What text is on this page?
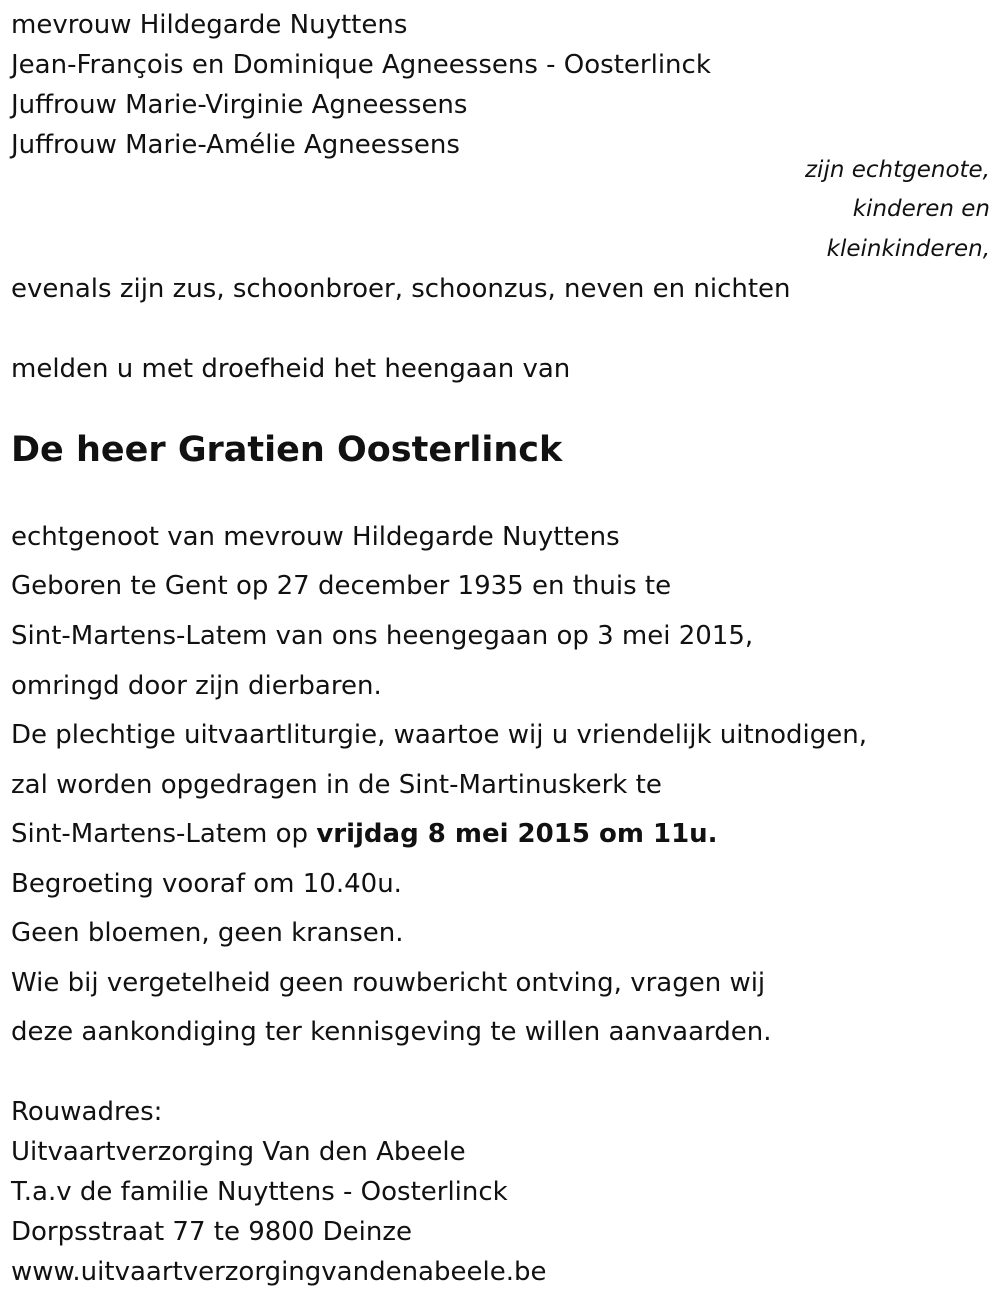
mevrouw Hildegarde Nuyttens
Jean-François en Dominique Agneessens - Oosterlinck
Juffrouw Marie-Virginie Agneessens
Juffrouw Marie-Amélie Agneessens
zijn echtgenote,
kinderen en
kleinkinderen,
evenals zijn zus, schoonbroer, schoonzus, neven en nichten
melden u met droefheid het heengaan van
De heer Gratien Oosterlinck
echtgenoot van mevrouw Hildegarde Nuyttens
Geboren te Gent op 27 december 1935 en thuis te
Sint-Martens-Latem van ons heengegaan op 3 mei 2015,
omringd door zijn dierbaren.
De plechtige uitvaartliturgie, waartoe wij u vriendelijk uitnodigen,
zal worden opgedragen in de Sint-Martinuskerk te
Sint-Martens-Latem op vrijdag 8 mei 2015 om 11u.
Begroeting vooraf om 10.40u.
Geen bloemen, geen kransen.
Wie bij vergetelheid geen rouwbericht ontving, vragen wij
deze aankondiging ter kennisgeving te willen aanvaarden.
Rouwadres:
Uitvaartverzorging Van den Abeele
T.a.v de familie Nuyttens - Oosterlinck
Dorpsstraat 77 te 9800 Deinze
www.uitvaartverzorgingvandenabeele.be
